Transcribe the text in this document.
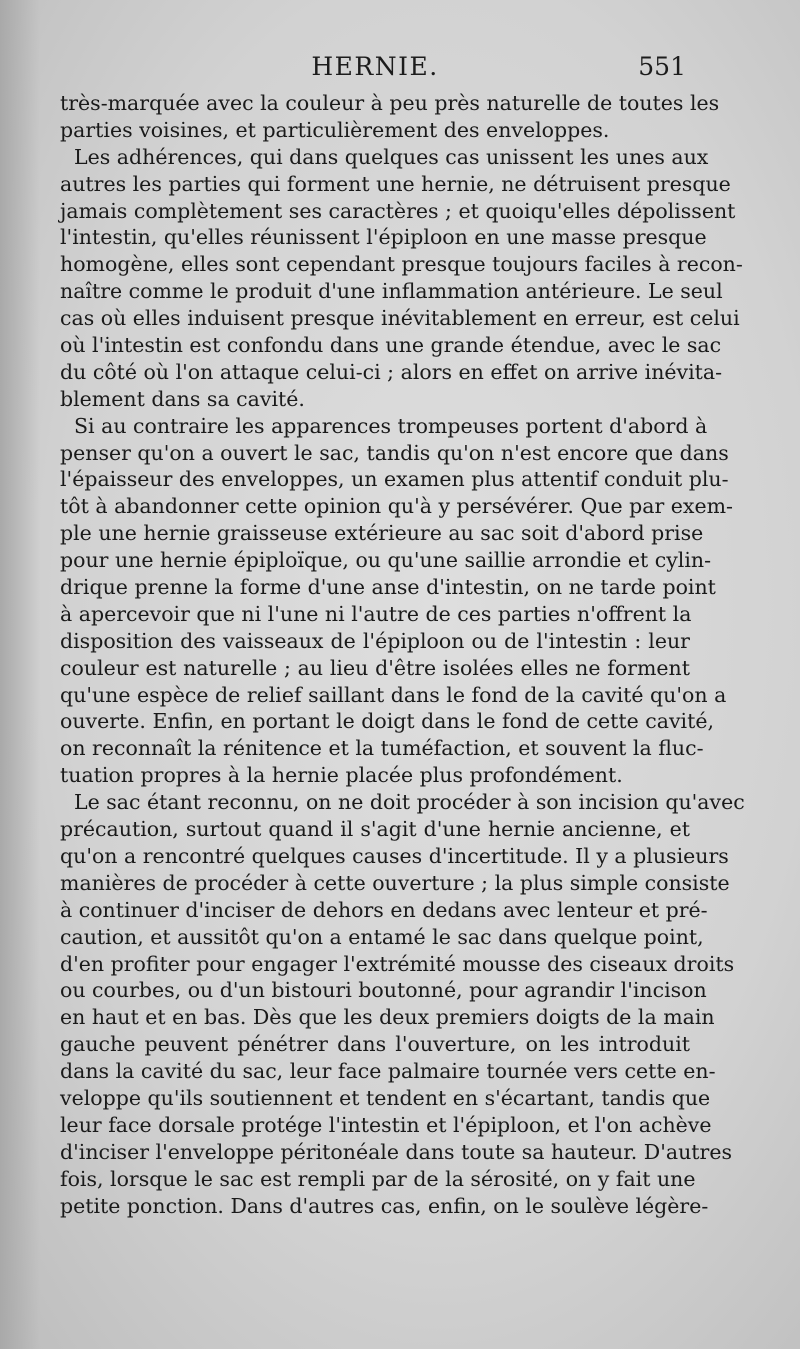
HERNIE.	551
très-marquée avec la couleur à peu près naturelle de toutes les
parties voisines, et particulièrement des enveloppes.
Les adhérences, qui dans quelques cas unissent les unes aux
autres les parties qui forment une hernie, ne détruisent presque
jamais complètement ses caractères ; et quoiqu'elles dépolissent
l'intestin, qu'elles réunissent l'épiploon en une masse presque
homogène, elles sont cependant presque toujours faciles à recon-
naître comme le produit d'une inflammation antérieure. Le seul
cas où elles induisent presque inévitablement en erreur, est celui
où l'intestin est confondu dans une grande étendue, avec le sac
du côté où l'on attaque celui-ci ; alors en effet on arrive inévita-
blement dans sa cavité.
Si au contraire les apparences trompeuses portent d'abord à
penser qu'on a ouvert le sac, tandis qu'on n'est encore que dans
l'épaisseur des enveloppes, un examen plus attentif conduit plu-
tôt à abandonner cette opinion qu'à y persévérer. Que par exem-
ple une hernie graisseuse extérieure au sac soit d'abord prise
pour une hernie épiploïque, ou qu'une saillie arrondie et cylin-
drique prenne la forme d'une anse d'intestin, on ne tarde point
à apercevoir que ni l'une ni l'autre de ces parties n'offrent la
disposition des vaisseaux de l'épiploon ou de l'intestin : leur
couleur est naturelle ; au lieu d'être isolées elles ne forment
qu'une espèce de relief saillant dans le fond de la cavité qu'on a
ouverte. Enfin, en portant le doigt dans le fond de cette cavité,
on reconnaît la rénitence et la tuméfaction, et souvent la fluc-
tuation propres à la hernie placée plus profondément.
Le sac étant reconnu, on ne doit procéder à son incision qu'avec
précaution, surtout quand il s'agit d'une hernie ancienne, et
qu'on a rencontré quelques causes d'incertitude. Il y a plusieurs
manières de procéder à cette ouverture ; la plus simple consiste
à continuer d'inciser de dehors en dedans avec lenteur et pré-
caution, et aussitôt qu'on a entamé le sac dans quelque point,
d'en profiter pour engager l'extrémité mousse des ciseaux droits
ou courbes, ou d'un bistouri boutonné, pour agrandir l'incison
en haut et en bas. Dès que les deux premiers doigts de la main
gauche peuvent pénétrer dans l'ouverture, on les introduit
dans la cavité du sac, leur face palmaire tournée vers cette en-
veloppe qu'ils soutiennent et tendent en s'écartant, tandis que
leur face dorsale protége l'intestin et l'épiploon, et l'on achève
d'inciser l'enveloppe péritonéale dans toute sa hauteur. D'autres
fois, lorsque le sac est rempli par de la sérosité, on y fait une
petite ponction. Dans d'autres cas, enfin, on le soulève légère-
